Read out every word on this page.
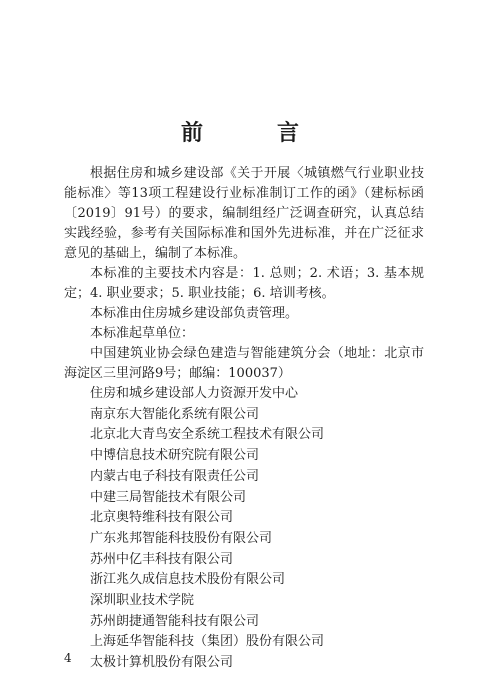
前　言

根据住房和城乡建设部《关于开展〈城镇燃气行业职业技能标准〉等13项工程建设行业标准制订工作的函》（建标标函〔2019〕91号）的要求，编制组经广泛调查研究，认真总结实践经验，参考有关国际标准和国外先进标准，并在广泛征求意见的基础上，编制了本标准。

本标准的主要技术内容是：1. 总则；2. 术语；3. 基本规定；4. 职业要求；5. 职业技能；6. 培训考核。

本标准由住房城乡建设部负责管理。

本标准起草单位：

中国建筑业协会绿色建造与智能建筑分会（地址：北京市海淀区三里河路9号；邮编：100037）

住房和城乡建设部人力资源开发中心
南京东大智能化系统有限公司
北京北大青鸟安全系统工程技术有限公司
中博信息技术研究院有限公司
内蒙古电子科技有限责任公司
中建三局智能技术有限公司
北京奥特维科技有限公司
广东兆邦智能科技股份有限公司
苏州中亿丰科技有限公司
浙江兆久成信息技术股份有限公司
深圳职业技术学院
苏州朗捷通智能科技有限公司
上海延华智能科技（集团）股份有限公司
太极计算机股份有限公司
4
